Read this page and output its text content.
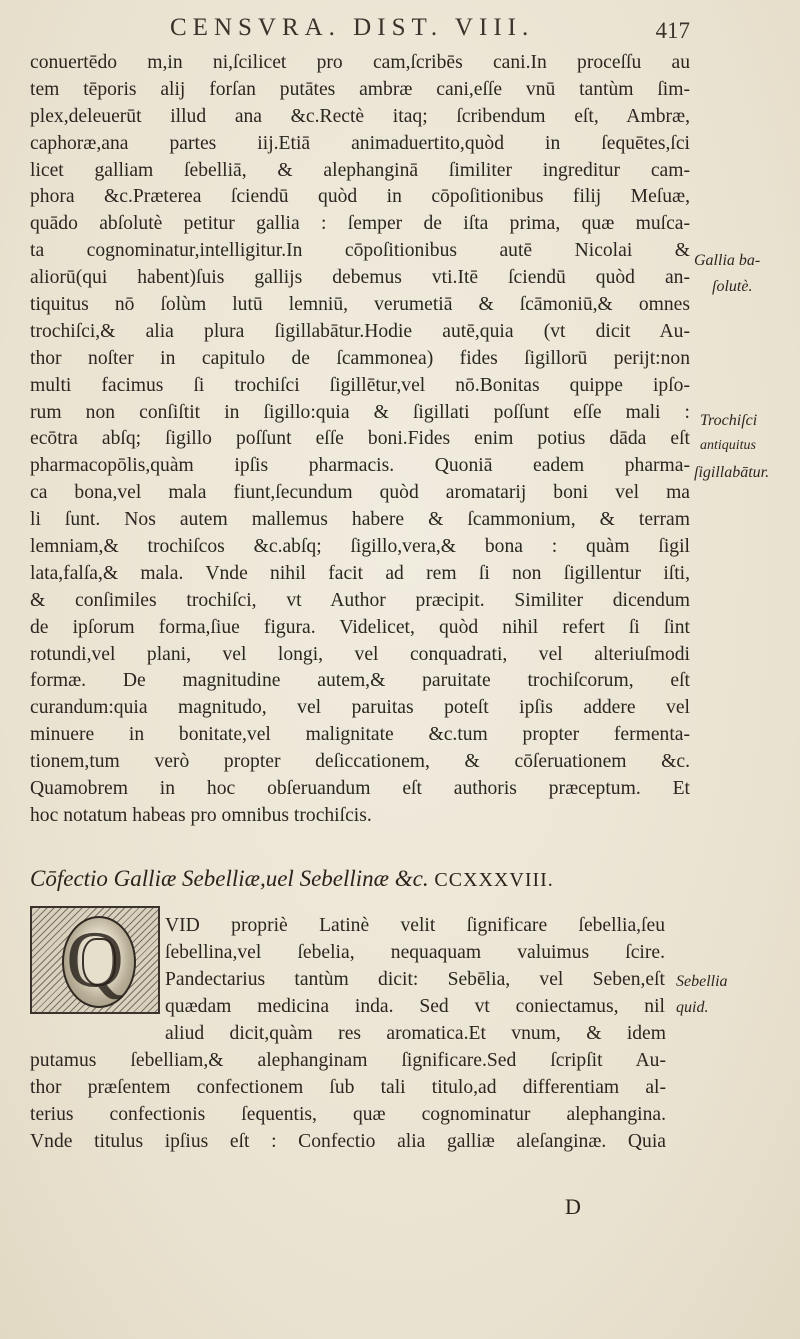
CENSVRA. DIST. VIII.	417
conuertēdo m,in ni,ſcilicet pro cam,ſcribēs cani.In proceſſu au
tem tēporis alij forſan putātes ambræ cani,eſſe vnū tantùm ſim-
plex,deleuerūt illud ana &c.Rectè itaq; ſcribendum eſt, Ambræ,
caphoræ,ana partes iij.Etiā animaduertito,quòd in ſequētes,ſci
licet galliam ſebelliā, & alephanginā ſimiliter ingreditur cam-
phora &c.Præterea ſciendū quòd in cōpoſitionibus filij Meſuæ,
quādo abſolutè petitur gallia : ſemper de iſta prima, quæ muſca-
ta cognominatur,intelligitur.In cōpoſitionibus autē Nicolai &
aliorū(qui habent)ſuis gallijs debemus vti.Itē ſciendū quòd an-
tiquitus nō ſolùm lutū lemniū, verumetiā & ſcāmoniū,& omnes
trochiſci,& alia plura ſigillabātur.Hodie autē,quia (vt dicit Au-
thor noſter in capitulo de ſcammonea) fides ſigillorū perijt:non
multi facimus ſi trochiſci ſigillētur,vel nō.Bonitas quippe ipſo-
rum non conſiſtit in ſigillo:quia & ſigillati poſſunt eſſe mali :
ecōtra abſq; ſigillo poſſunt eſſe boni.Fides enim potius dāda eſt
pharmacopōlis,quàm ipſis pharmacis. Quoniā eadem pharma-
ca bona,vel mala fiunt,ſecundum quòd aromatarij boni vel ma
li ſunt. Nos autem mallemus habere & ſcammonium, & terram
lemniam,& trochiſcos &c.abſq; ſigillo,vera,& bona : quàm ſigil
lata,falſa,& mala. Vnde nihil facit ad rem ſi non ſigillentur iſti,
& conſimiles trochiſci, vt Author præcipit. Similiter dicendum
de ipſorum forma,ſiue figura. Videlicet, quòd nihil refert ſi ſint
rotundi,vel plani, vel longi, vel conquadrati, vel alteriuſmodi
formæ. De magnitudine autem,& paruitate trochiſcorum, eſt
curandum:quia magnitudo, vel paruitas poteſt ipſis addere vel
minuere in bonitate,vel malignitate &c.tum propter fermenta-
tionem,tum verò propter deſiccationem, & cōſeruationem &c.
Quamobrem in hoc obſeruandum eſt authoris præceptum. Et
hoc notatum habeas pro omnibus trochiſcis.
Gallia ba-
ſolutè.
Trochiſci
antiquitus
ſigillabātur.
Sebellia
quid.
Cōfectio Galliæ Sebelliæ,uel Sebellinæ &c. CCXXXVIII.
Q	VID propriè Latinè velit ſignificare ſebellia,ſeu
ſebellina,vel ſebelia, nequaquam valuimus ſcire.
Pandectarius tantùm dicit: Sebēlia, vel Seben,eſt
quædam medicina inda. Sed vt coniectamus, nil
aliud dicit,quàm res aromatica.Et vnum, & idem
putamus ſebelliam,& alephanginam ſignificare.Sed ſcripſit Au-
thor præſentem confectionem ſub tali titulo,ad differentiam al-
terius confectionis ſequentis, quæ cognominatur alephangina.
Vnde titulus ipſius eſt : Confectio alia galliæ aleſanginæ. Quia
D
